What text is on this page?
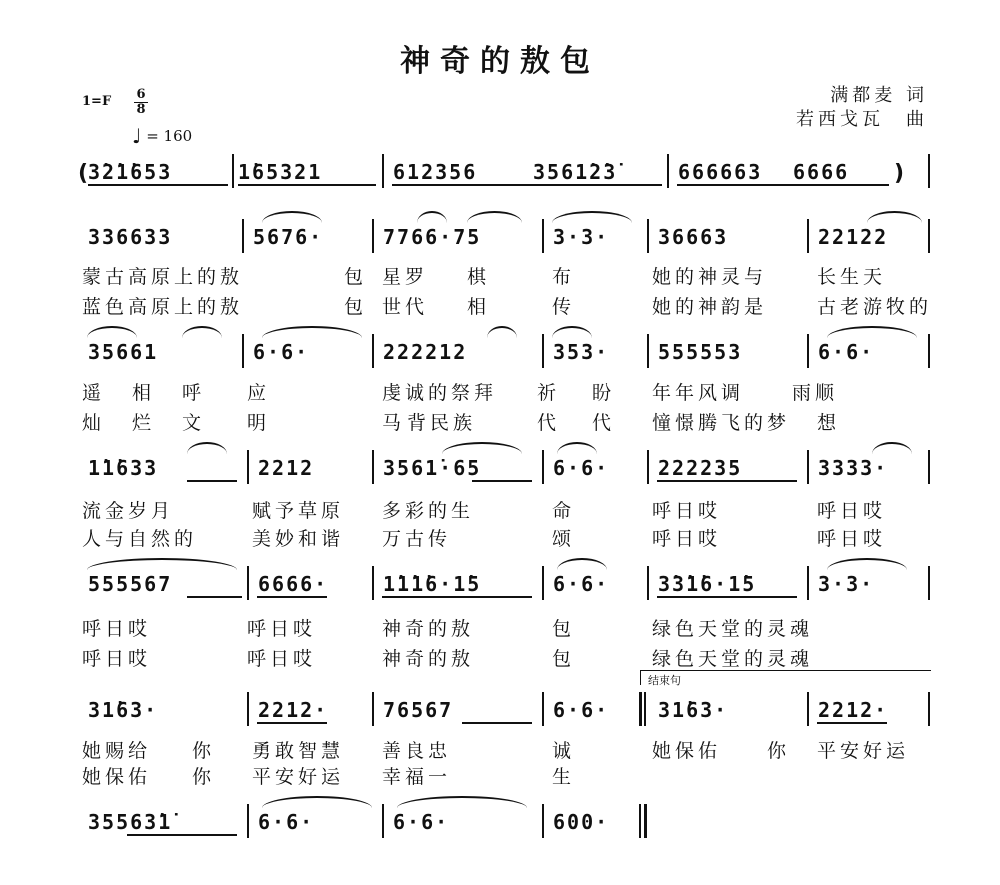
神奇的敖包
满都麦 词
若西戈瓦　曲
1=F 6
8
♩ = 160
( 3̇2̇1̇653	1̇65321	612356	3561̇2̇3̇	666663 6666 )
336633	5676·	7766·75	3·3· 36663	22122
蒙古高原上的敖	包 星罗 棋	布	她的神灵与	长生天
蓝色高原上的敖	包 世代 相	传	她的神韵是	古老游牧的
35661	6·6·	222212	353· 555553	6·6·
遥 相 呼 应	虔诚的祭拜 祈 盼 年年风调	雨顺
灿 烂 文 明	马 背民族	代 代 憧憬腾飞的梦 想
1̇1̇633	2212	3561̇·65	6·6· 222235	3333·
流金岁月	赋予草原 多彩的生	命	呼日哎	呼日哎
人与自然的	美妙和谐 万古传	颂	呼日哎	呼日哎
555567	6666·	1̇1̇1̇6·1̇5	6·6· 3̇3̇1̇6·1̇5	3·3·
呼日哎	呼日哎	神奇的敖	包	绿色天堂的灵魂
呼日哎	呼日哎	神奇的敖	包	绿色天堂的灵魂
结束句
31̇63·	2212·	76567	6·6· 31̇63·	2212·
她赐给 你 勇敢智慧 善良忠	诚	她保佑 你 平安好运
她保佑 你 平安好运 幸福一	生
35563̇1̇	6·6·	6·6·	600·
